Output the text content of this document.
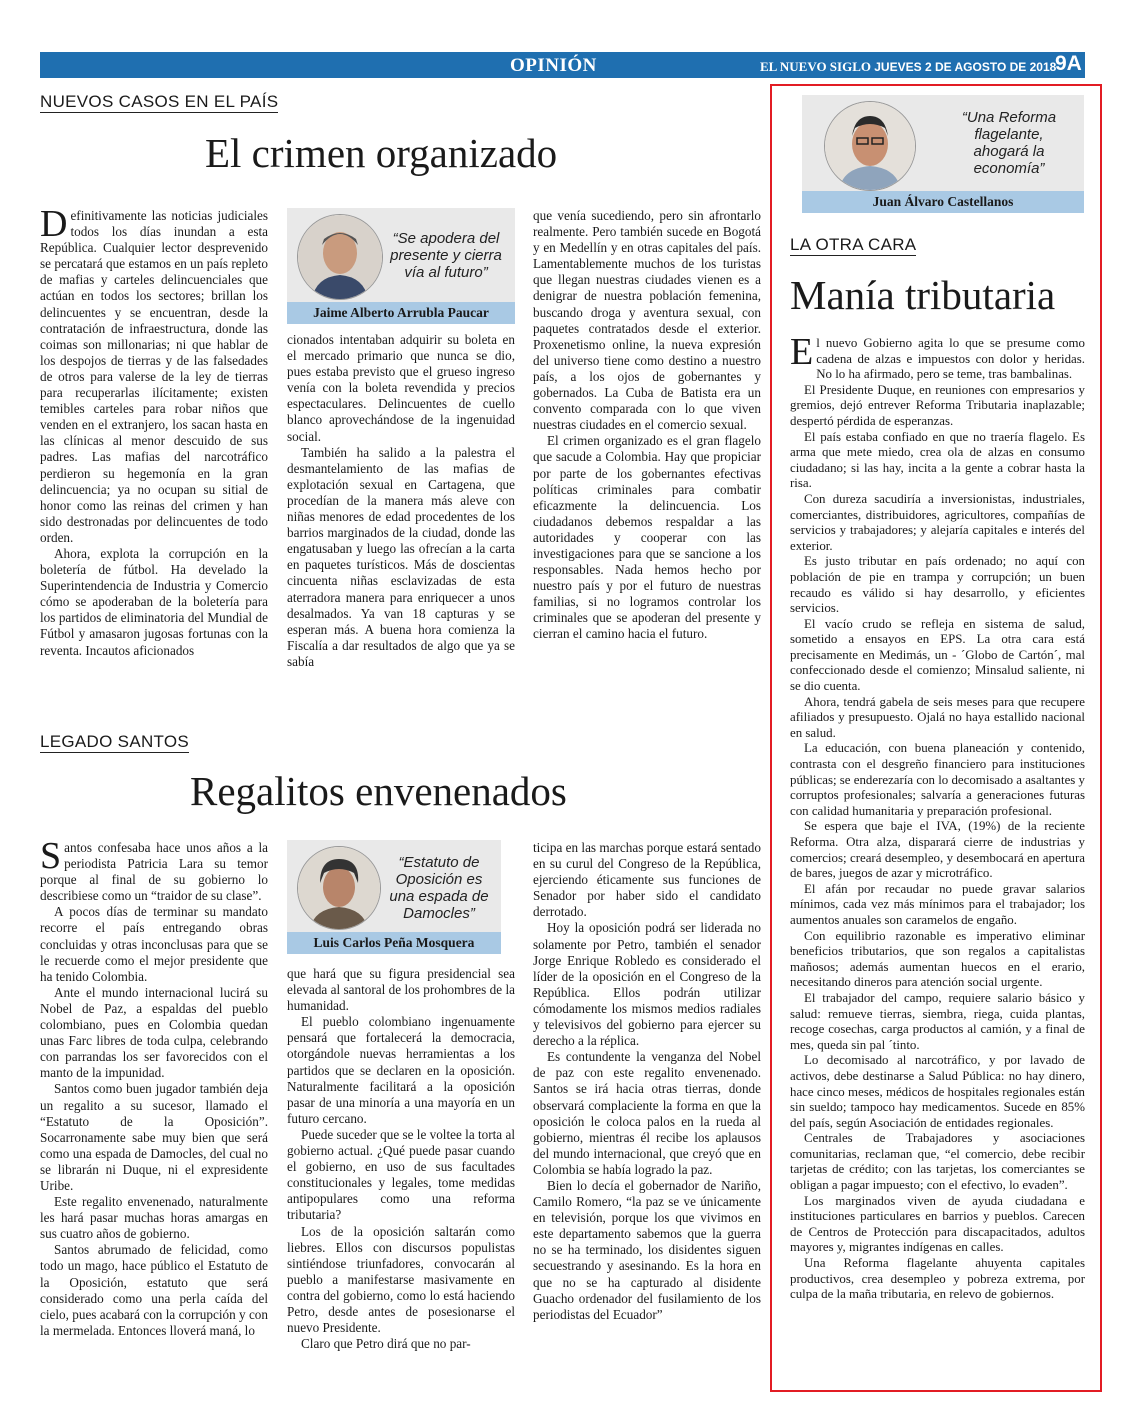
OPINIÓN	EL NUEVO SIGLO JUEVES 2 DE AGOSTO DE 2018
9A
NUEVOS CASOS EN EL PAÍS
El crimen organizado

Definitivamente las noticias judiciales todos los días inundan a esta República. Cualquier lector desprevenido se percatará que estamos en un país repleto de mafias y carteles delincuenciales que actúan en todos los sectores; brillan los delincuentes y se encuentran, desde la contratación de infraestructura, donde las coimas son millonarias; ni que hablar de los despojos de tierras y de las falsedades de otros para valerse de la ley de tierras para recuperarlas ilícitamente; existen temibles carteles para robar niños que venden en el extranjero, los sacan hasta en las clínicas al menor descuido de sus padres. Las mafias del narcotráfico perdieron su hegemonía en la gran delincuencia; ya no ocupan su sitial de honor como las reinas del crimen y han sido destronadas por delincuentes de todo orden.

Ahora, explota la corrupción en la boletería de fútbol. Ha develado la Superintendencia de Industria y Comercio cómo se apoderaban de la boletería para los partidos de eliminatoria del Mundial de Fútbol y amasaron jugosas fortunas con la reventa. Incautos aficionados

“Se apodera del presente y cierra vía al futuro”
Jaime Alberto Arrubla Paucar

cionados intentaban adquirir su boleta en el mercado primario que nunca se dio, pues estaba previsto que el grueso ingreso venía con la boleta revendida y precios espectaculares. Delincuentes de cuello blanco aprovechándose de la ingenuidad social.

También ha salido a la palestra el desmantelamiento de las mafias de explotación sexual en Cartagena, que procedían de la manera más aleve con niñas menores de edad procedentes de los barrios marginados de la ciudad, donde las engatusaban y luego las ofrecían a la carta en paquetes turísticos. Más de doscientas cincuenta niñas esclavizadas de esta aterradora manera para enriquecer a unos desalmados. Ya van 18 capturas y se esperan más. A buena hora comienza la Fiscalía a dar resultados de algo que ya se sabía

que venía sucediendo, pero sin afrontarlo realmente. Pero también sucede en Bogotá y en Medellín y en otras capitales del país. Lamentablemente muchos de los turistas que llegan nuestras ciudades vienen es a denigrar de nuestra población femenina, buscando droga y aventura sexual, con paquetes contratados desde el exterior. Proxenetismo online, la nueva expresión del universo tiene como destino a nuestro país, a los ojos de gobernantes y gobernados. La Cuba de Batista era un convento comparada con lo que viven nuestras ciudades en el comercio sexual.

El crimen organizado es el gran flagelo que sacude a Colombia. Hay que propiciar por parte de los gobernantes efectivas políticas criminales para combatir eficazmente la delincuencia. Los ciudadanos debemos respaldar a las autoridades y cooperar con las investigaciones para que se sancione a los responsables. Nada hemos hecho por nuestro país y por el futuro de nuestras familias, si no logramos controlar los criminales que se apoderan del presente y cierran el camino hacia el futuro.

LEGADO SANTOS
Regalitos envenenados

Santos confesaba hace unos años a la periodista Patricia Lara su temor porque al final de su gobierno lo describiese como un “traidor de su clase”.

A pocos días de terminar su mandato recorre el país entregando obras concluidas y otras inconclusas para que se le recuerde como el mejor presidente que ha tenido Colombia.

Ante el mundo internacional lucirá su Nobel de Paz, a espaldas del pueblo colombiano, pues en Colombia quedan unas Farc libres de toda culpa, celebrando con parrandas los ser favorecidos con el manto de la impunidad.

Santos como buen jugador también deja un regalito a su sucesor, llamado el “Estatuto de la Oposición”. Socarronamente sabe muy bien que será como una espada de Damocles, del cual no se librarán ni Duque, ni el expresidente Uribe.

Este regalito envenenado, naturalmente les hará pasar muchas horas amargas en sus cuatro años de gobierno.

Santos abrumado de felicidad, como todo un mago, hace público el Estatuto de la Oposición, estatuto que será considerado como una perla caída del cielo, pues acabará con la corrupción y con la mermelada. Entonces lloverá maná, lo

“Estatuto de Oposición es una espada de Damocles”
Luis Carlos Peña Mosquera

que hará que su figura presidencial sea elevada al santoral de los prohombres de la humanidad.

El pueblo colombiano ingenuamente pensará que fortalecerá la democracia, otorgándole nuevas herramientas a los partidos que se declaren en la oposición. Naturalmente facilitará a la oposición pasar de una minoría a una mayoría en un futuro cercano.

Puede suceder que se le voltee la torta al gobierno actual. ¿Qué puede pasar cuando el gobierno, en uso de sus facultades constitucionales y legales, tome medidas antipopulares como una reforma tributaria?

Los de la oposición saltarán como liebres. Ellos con discursos populistas sintiéndose triunfadores, convocarán al pueblo a manifestarse masivamente en contra del gobierno, como lo está haciendo Petro, desde antes de posesionarse el nuevo Presidente.

Claro que Petro dirá que no par-

ticipa en las marchas porque estará sentado en su curul del Congreso de la República, ejerciendo éticamente sus funciones de Senador por haber sido el candidato derrotado.

Hoy la oposición podrá ser liderada no solamente por Petro, también el senador Jorge Enrique Robledo es considerado el líder de la oposición en el Congreso de la República. Ellos podrán utilizar cómodamente los mismos medios radiales y televisivos del gobierno para ejercer su derecho a la réplica.

Es contundente la venganza del Nobel de paz con este regalito envenenado. Santos se irá hacia otras tierras, donde observará complaciente la forma en que la oposición le coloca palos en la rueda al gobierno, mientras él recibe los aplausos del mundo internacional, que creyó que en Colombia se había logrado la paz.

Bien lo decía el gobernador de Nariño, Camilo Romero, “la paz se ve únicamente en televisión, porque los que vivimos en este departamento sabemos que la guerra no se ha terminado, los disidentes siguen secuestrando y asesinando. Es la hora en que no se ha capturado al disidente Guacho ordenador del fusilamiento de los periodistas del Ecuador”

“Una Reforma flagelante, ahogará la economía”
Juan Álvaro Castellanos
LA OTRA CARA
Manía tributaria

El nuevo Gobierno agita lo que se presume como cadena de alzas e impuestos con dolor y heridas. No lo ha afirmado, pero se teme, tras bambalinas.

El Presidente Duque, en reuniones con empresarios y gremios, dejó entrever Reforma Tributaria inaplazable; despertó pérdida de esperanzas.

El país estaba confiado en que no traería flagelo. Es arma que mete miedo, crea ola de alzas en consumo ciudadano; si las hay, incita a la gente a cobrar hasta la risa.

Con dureza sacudiría a inversionistas, industriales, comerciantes, distribuidores, agricultores, compañías de servicios y trabajadores; y alejaría capitales e interés del exterior.

Es justo tributar en país ordenado; no aquí con población de pie en trampa y corrupción; un buen recaudo es válido si hay desarrollo, y eficientes servicios.

El vacío crudo se refleja en sistema de salud, sometido a ensayos en EPS. La otra cara está precisamente en Medimás, un - ´Globo de Cartón´, mal confeccionado desde el comienzo; Minsalud saliente, ni se dio cuenta.

Ahora, tendrá gabela de seis meses para que recupere afiliados y presupuesto. Ojalá no haya estallido nacional en salud.

La educación, con buena planeación y contenido, contrasta con el desgreño financiero para instituciones públicas; se enderezaría con lo decomisado a asaltantes y corruptos profesionales; salvaría a generaciones futuras con calidad humanitaria y preparación profesional.

Se espera que baje el IVA, (19%) de la reciente Reforma. Otra alza, disparará cierre de industrias y comercios; creará desempleo, y desembocará en apertura de bares, juegos de azar y microtráfico.

El afán por recaudar no puede gravar salarios mínimos, cada vez más mínimos para el trabajador; los aumentos anuales son caramelos de engaño.

Con equilibrio razonable es imperativo eliminar beneficios tributarios, que son regalos a capitalistas mañosos; además aumentan huecos en el erario, necesitando dineros para atención social urgente.

El trabajador del campo, requiere salario básico y salud: remueve tierras, siembra, riega, cuida plantas, recoge cosechas, carga productos al camión, y a final de mes, queda sin pal ´tinto.

Lo decomisado al narcotráfico, y por lavado de activos, debe destinarse a Salud Pública: no hay dinero, hace cinco meses, médicos de hospitales regionales están sin sueldo; tampoco hay medicamentos. Sucede en 85% del país, según Asociación de entidades regionales.

Centrales de Trabajadores y asociaciones comunitarias, reclaman que, “el comercio, debe recibir tarjetas de crédito; con las tarjetas, los comerciantes se obligan a pagar impuesto; con el efectivo, lo evaden”.

Los marginados viven de ayuda ciudadana e instituciones particulares en barrios y pueblos. Carecen de Centros de Protección para discapacitados, adultos mayores y, migrantes indígenas en calles.

Una Reforma flagelante ahuyenta capitales productivos, crea desempleo y pobreza extrema, por culpa de la maña tributaria, en relevo de gobiernos.
